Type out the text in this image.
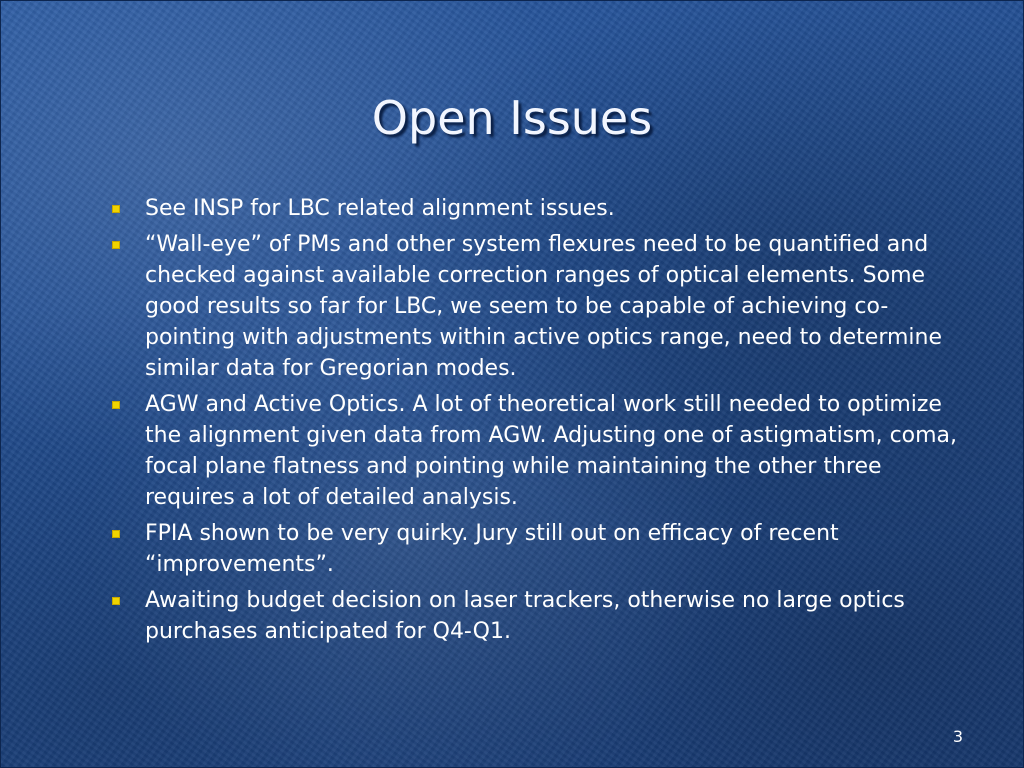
Open Issues
See INSP for LBC related alignment issues.
“Wall-eye” of PMs and other system flexures need to be quantified and checked against available correction ranges of optical elements. Some good results so far for LBC, we seem to be capable of achieving co-pointing with adjustments within active optics range, need to determine similar data for Gregorian modes.
AGW and Active Optics. A lot of theoretical work still needed to optimize the alignment given data from AGW. Adjusting one of astigmatism, coma, focal plane flatness and pointing while maintaining the other three requires a lot of detailed analysis.
FPIA shown to be very quirky. Jury still out on efficacy of recent “improvements”.
Awaiting budget decision on laser trackers, otherwise no large optics purchases anticipated for Q4-Q1.
3
